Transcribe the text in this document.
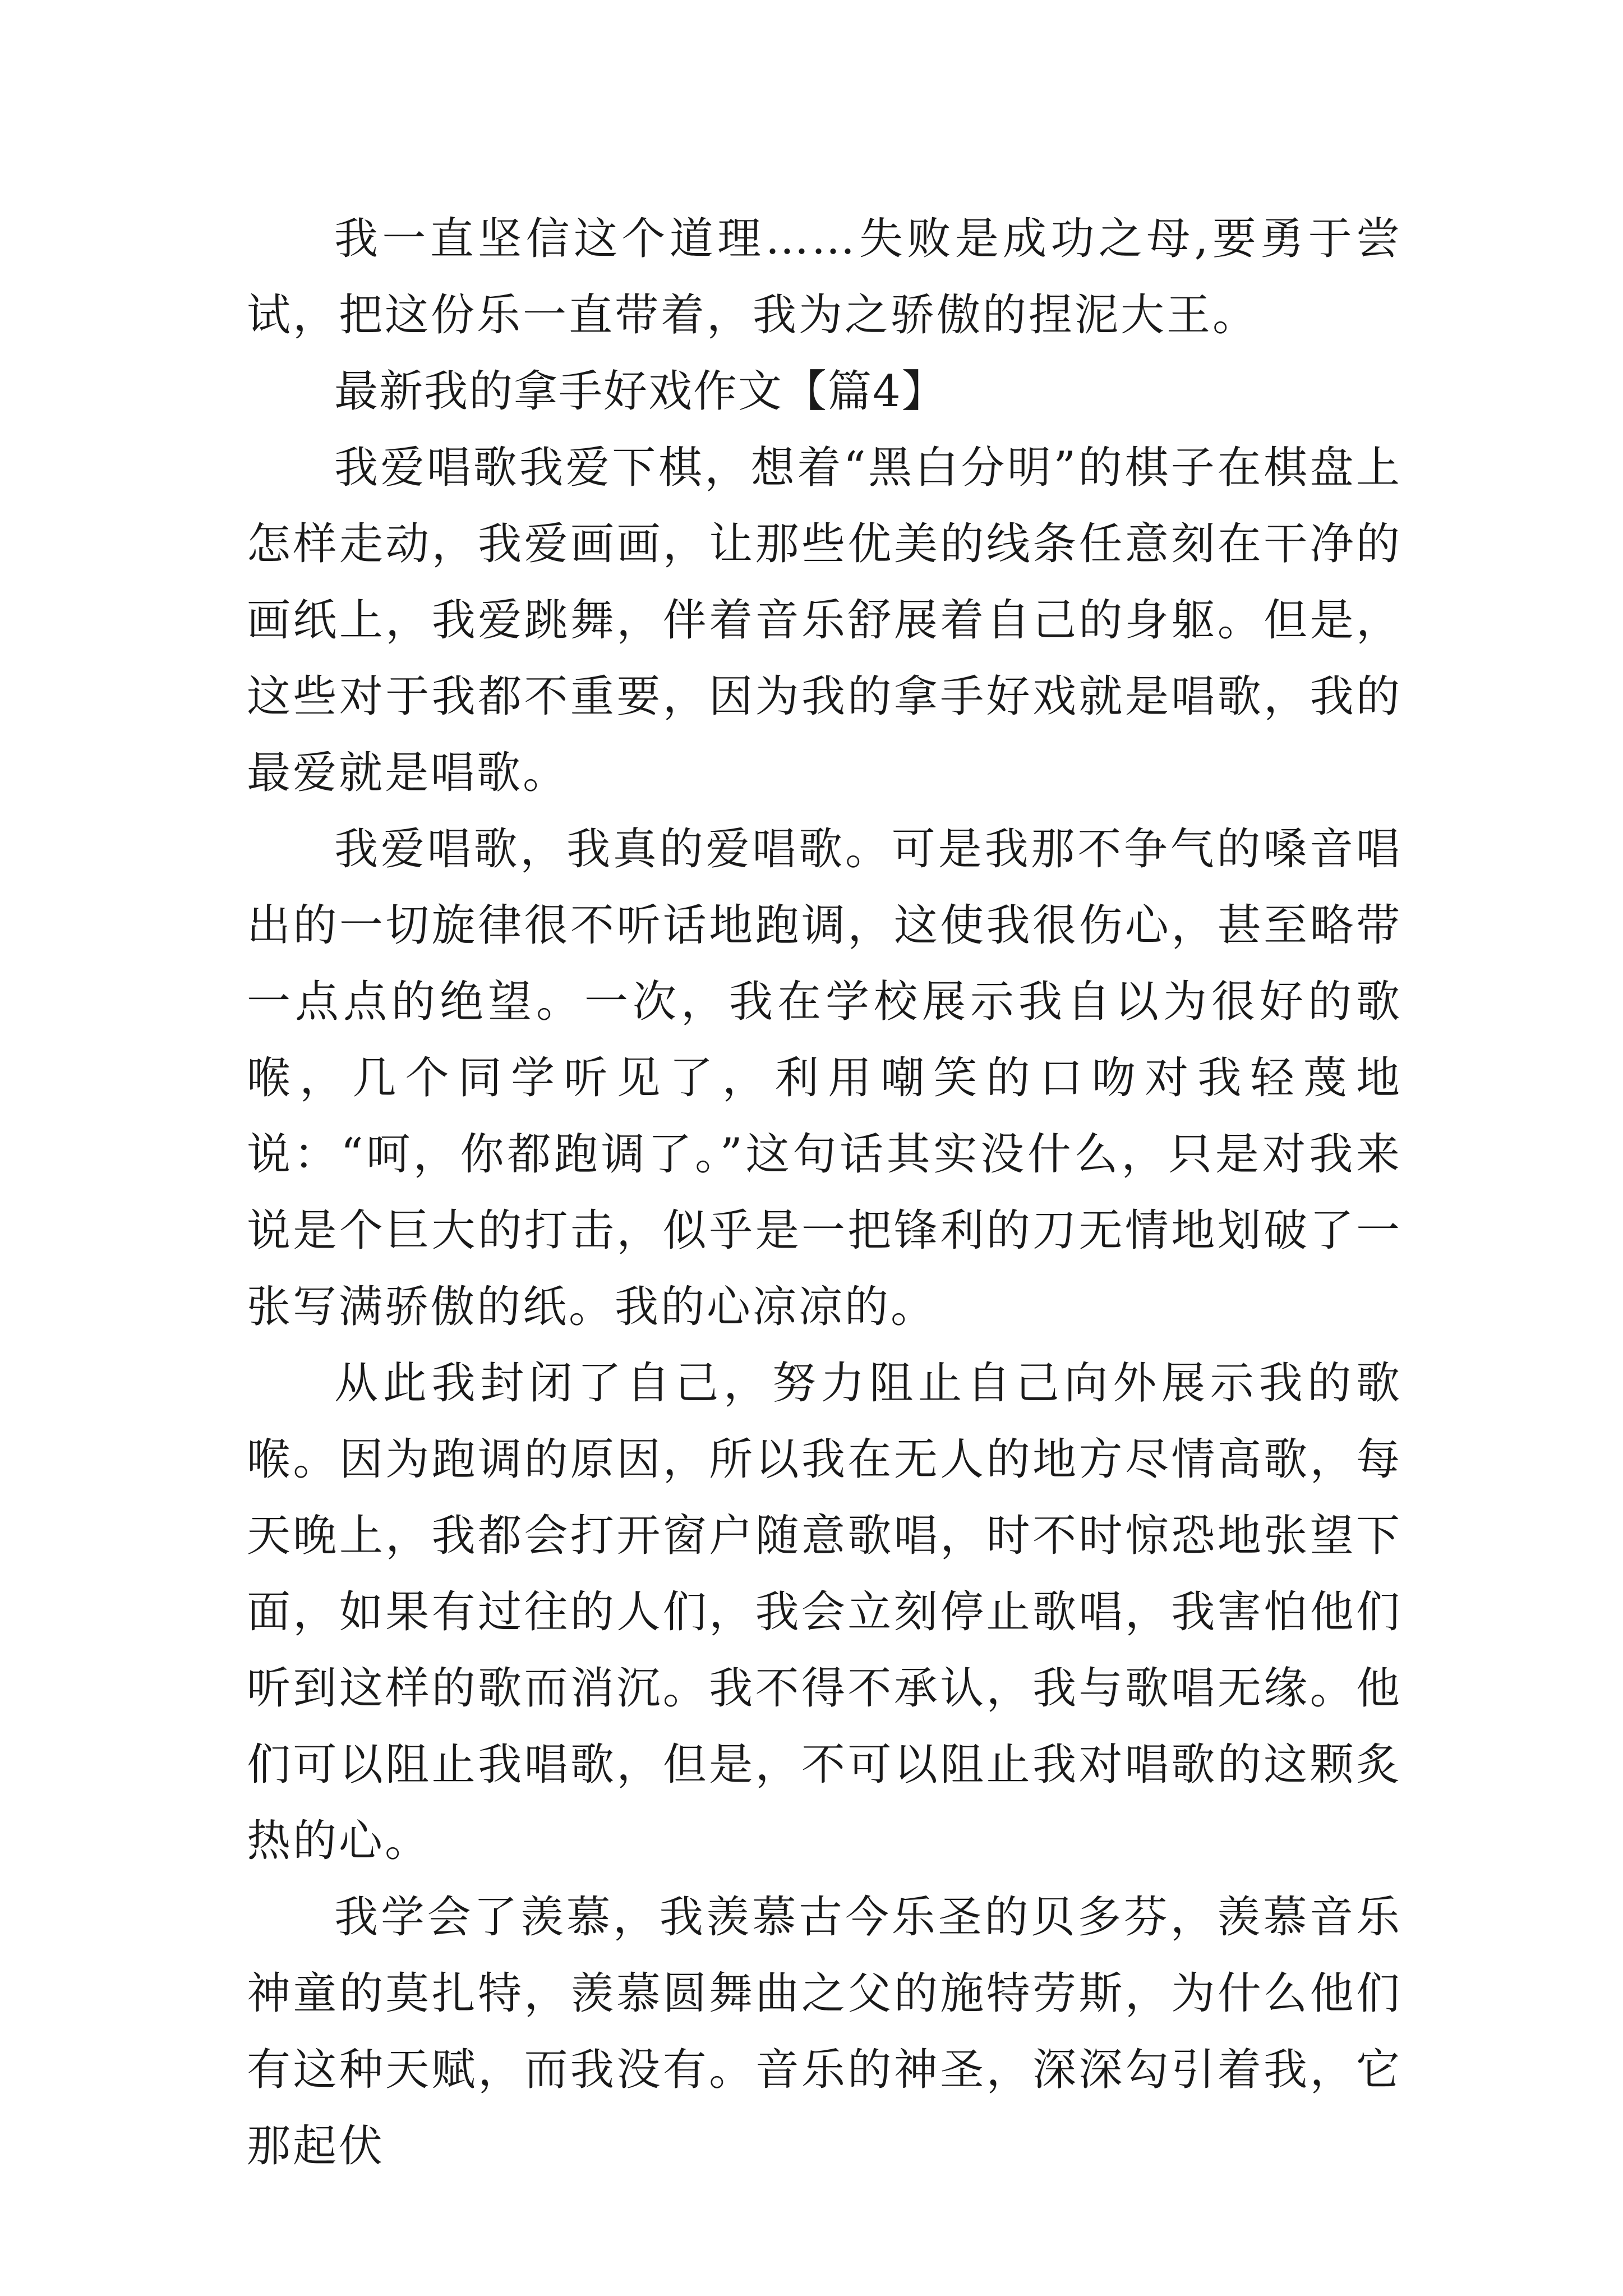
我一直坚信这个道理……失败是成功之母,要勇于尝试，把这份乐一直带着，我为之骄傲的捏泥大王。

最新我的拿手好戏作文【篇4】

我爱唱歌我爱下棋，想着“黑白分明”的棋子在棋盘上怎样走动，我爱画画，让那些优美的线条任意刻在干净的画纸上，我爱跳舞，伴着音乐舒展着自己的身躯。但是，这些对于我都不重要，因为我的拿手好戏就是唱歌，我的最爱就是唱歌。

我爱唱歌，我真的爱唱歌。可是我那不争气的嗓音唱出的一切旋律很不听话地跑调，这使我很伤心，甚至略带一点点的绝望。一次，我在学校展示我自以为很好的歌喉，几个同学听见了，利用嘲笑的口吻对我轻蔑地说：“呵，你都跑调了。”这句话其实没什么，只是对我来说是个巨大的打击，似乎是一把锋利的刀无情地划破了一张写满骄傲的纸。我的心凉凉的。

从此我封闭了自己，努力阻止自己向外展示我的歌喉。因为跑调的原因，所以我在无人的地方尽情高歌，每天晚上，我都会打开窗户随意歌唱，时不时惊恐地张望下面，如果有过往的人们，我会立刻停止歌唱，我害怕他们听到这样的歌而消沉。我不得不承认，我与歌唱无缘。他们可以阻止我唱歌，但是，不可以阻止我对唱歌的这颗炙热的心。

我学会了羡慕，我羡慕古今乐圣的贝多芬，羡慕音乐神童的莫扎特，羡慕圆舞曲之父的施特劳斯，为什么他们有这种天赋，而我没有。音乐的神圣，深深勾引着我，它那起伏
